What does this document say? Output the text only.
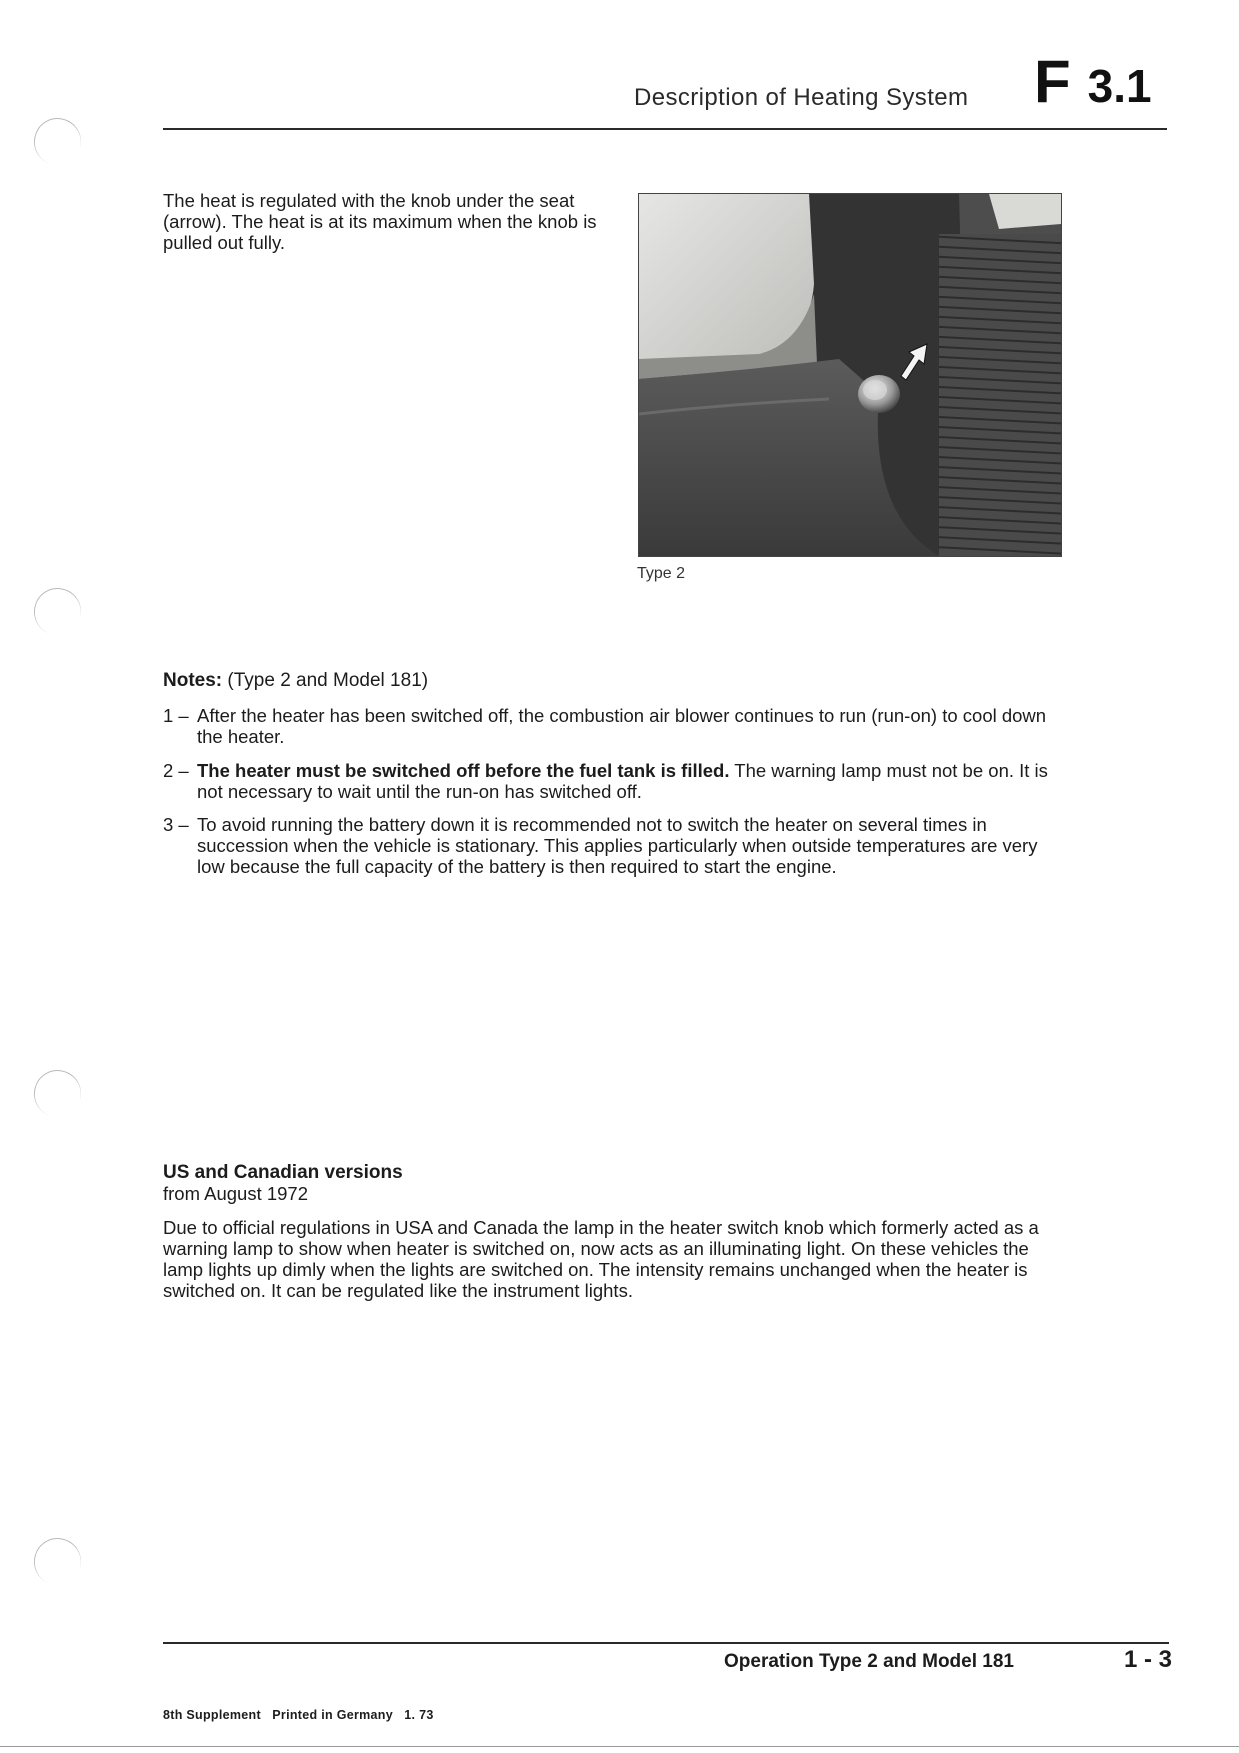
Description of Heating System F 3.1
The heat is regulated with the knob under the seat (arrow). The heat is at its maximum when the knob is pulled out fully.
Type 2
Notes: (Type 2 and Model 181)
1 – After the heater has been switched off, the combustion air blower continues to run (run-on) to cool down the heater.
2 – The heater must be switched off before the fuel tank is filled. The warning lamp must not be on. It is not necessary to wait until the run-on has switched off.
3 – To avoid running the battery down it is recommended not to switch the heater on several times in succession when the vehicle is stationary. This applies particularly when outside temperatures are very low because the full capacity of the battery is then required to start the engine.
US and Canadian versions
from August 1972
Due to official regulations in USA and Canada the lamp in the heater switch knob which formerly acted as a warning lamp to show when heater is switched on, now acts as an illuminating light. On these vehicles the lamp lights up dimly when the lights are switched on. The intensity remains unchanged when the heater is switched on. It can be regulated like the instrument lights.
Operation Type 2 and Model 181	1 - 3
8th Supplement   Printed in Germany   1. 73
